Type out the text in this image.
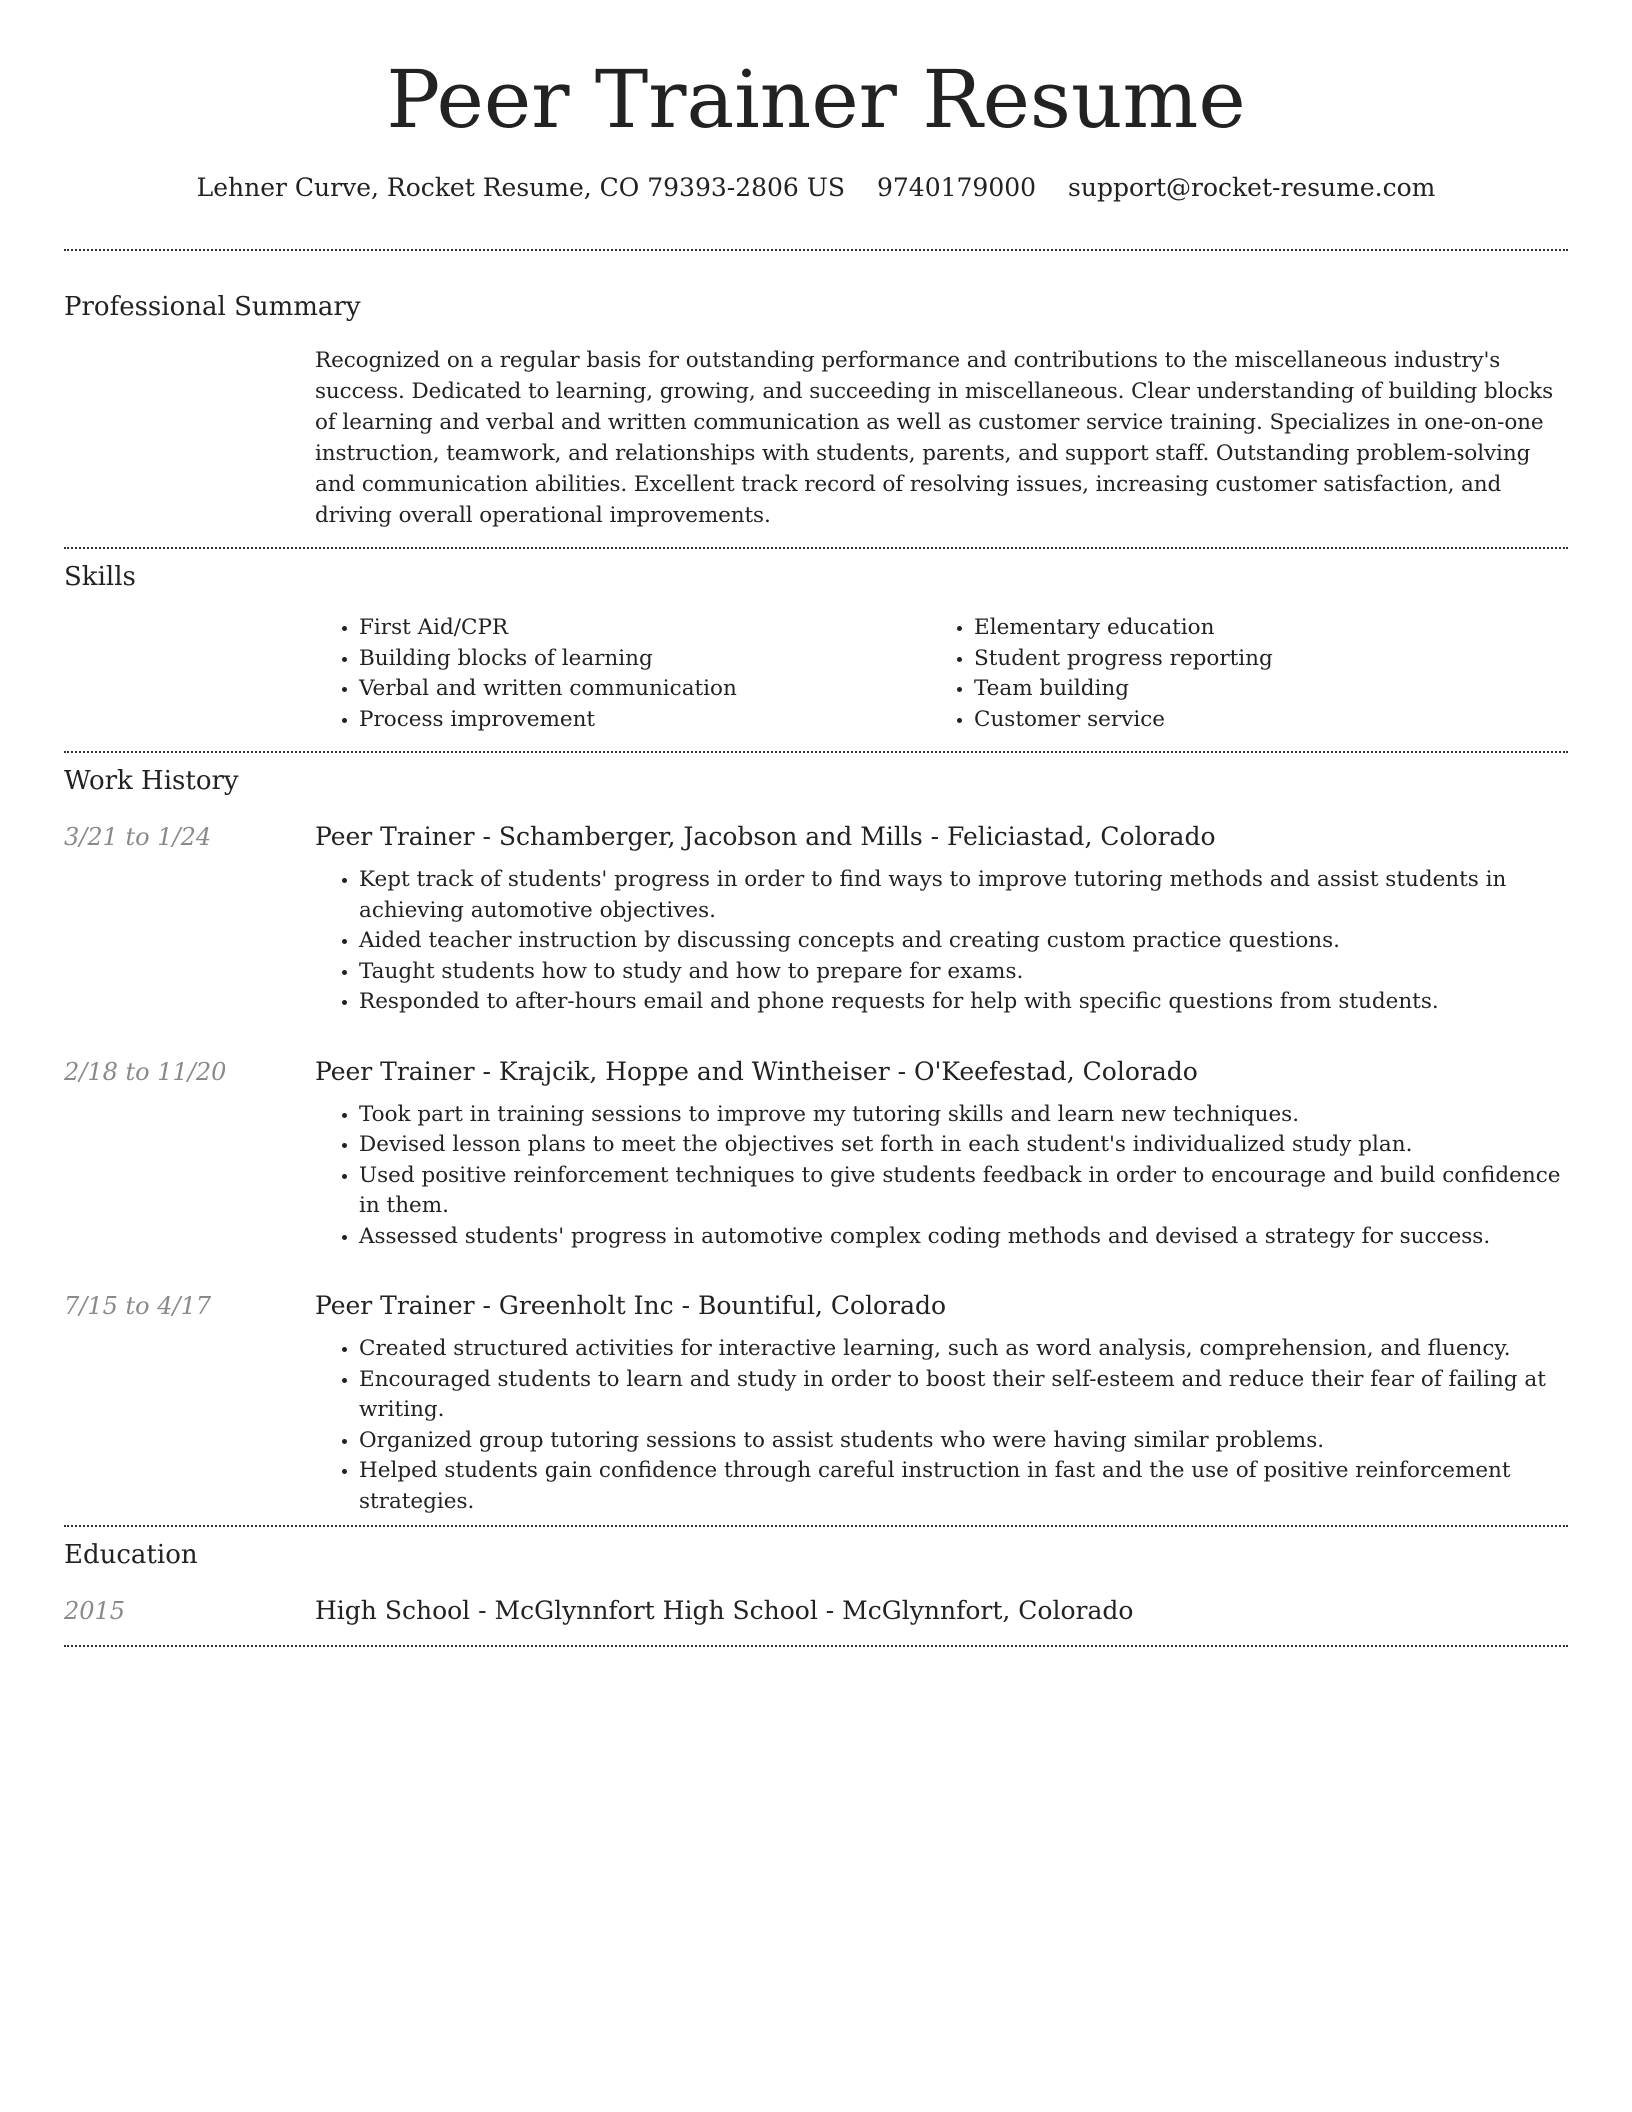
Peer Trainer Resume
Lehner Curve, Rocket Resume, CO 79393-2806 US 9740179000 support@rocket-resume.com
Professional Summary
Recognized on a regular basis for outstanding performance and contributions to the miscellaneous industry's success. Dedicated to learning, growing, and succeeding in miscellaneous. Clear understanding of building blocks of learning and verbal and written communication as well as customer service training. Specializes in one-on-one instruction, teamwork, and relationships with students, parents, and support staff. Outstanding problem-solving and communication abilities. Excellent track record of resolving issues, increasing customer satisfaction, and driving overall operational improvements.
Skills
• First Aid/CPR
• Building blocks of learning
• Verbal and written communication
• Process improvement
• Elementary education
• Student progress reporting
• Team building
• Customer service
Work History
3/21 to 1/24	Peer Trainer - Schamberger, Jacobson and Mills - Feliciastad, Colorado
• Kept track of students' progress in order to find ways to improve tutoring methods and assist students in achieving automotive objectives.
• Aided teacher instruction by discussing concepts and creating custom practice questions.
• Taught students how to study and how to prepare for exams.
• Responded to after-hours email and phone requests for help with specific questions from students.
2/18 to 11/20	Peer Trainer - Krajcik, Hoppe and Wintheiser - O'Keefestad, Colorado
• Took part in training sessions to improve my tutoring skills and learn new techniques.
• Devised lesson plans to meet the objectives set forth in each student's individualized study plan.
• Used positive reinforcement techniques to give students feedback in order to encourage and build confidence in them.
• Assessed students' progress in automotive complex coding methods and devised a strategy for success.
7/15 to 4/17	Peer Trainer - Greenholt Inc - Bountiful, Colorado
• Created structured activities for interactive learning, such as word analysis, comprehension, and fluency.
• Encouraged students to learn and study in order to boost their self-esteem and reduce their fear of failing at writing.
• Organized group tutoring sessions to assist students who were having similar problems.
• Helped students gain confidence through careful instruction in fast and the use of positive reinforcement strategies.
Education
2015	High School - McGlynnfort High School - McGlynnfort, Colorado
